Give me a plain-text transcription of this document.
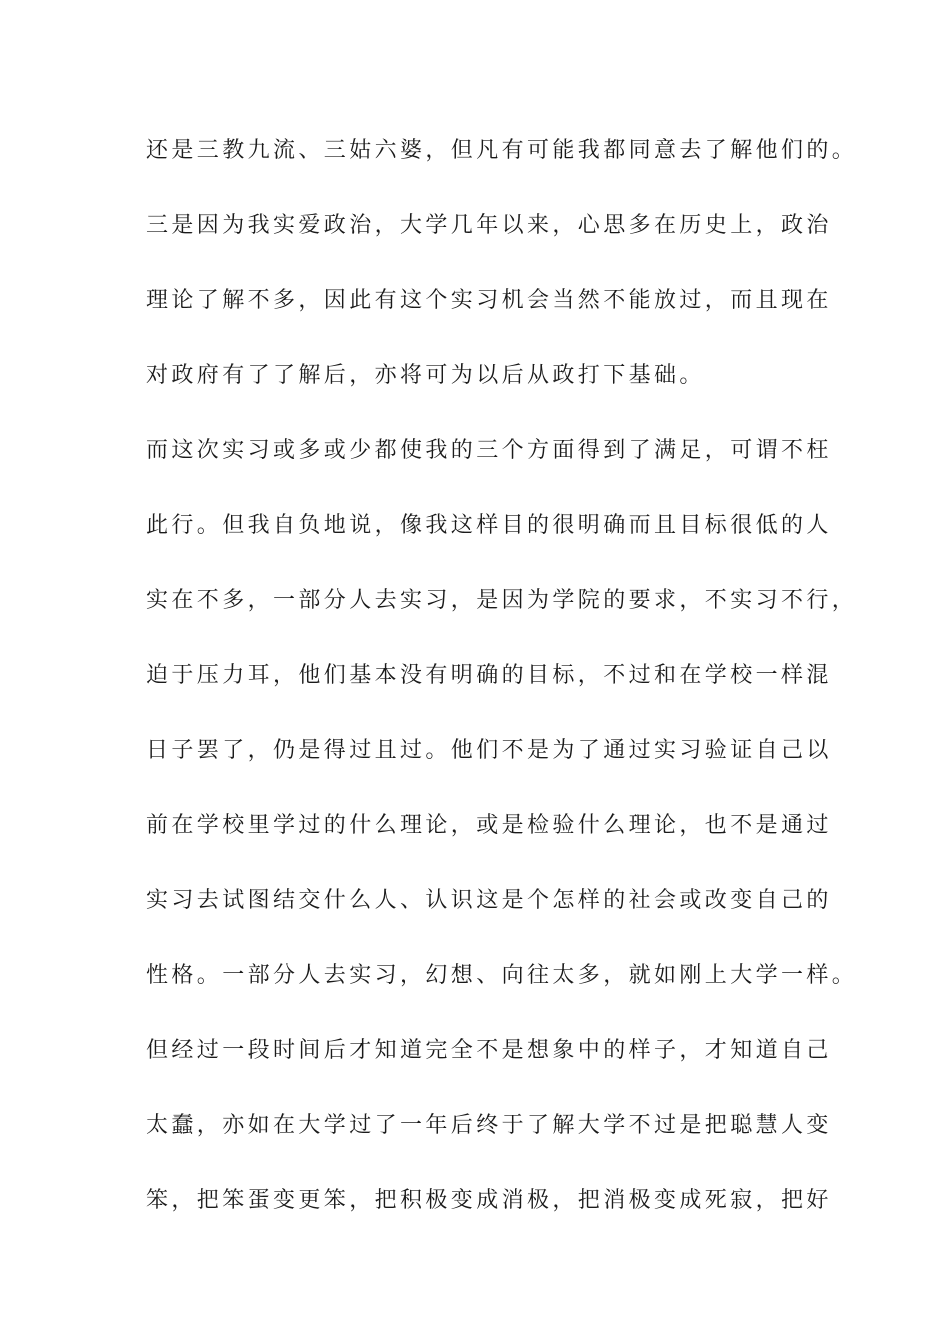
还是三教九流、三姑六婆，但凡有可能我都同意去了解他们的。
三是因为我实爱政治，大学几年以来，心思多在历史上，政治
理论了解不多，因此有这个实习机会当然不能放过，而且现在
对政府有了了解后，亦将可为以后从政打下基础。
而这次实习或多或少都使我的三个方面得到了满足，可谓不枉
此行。但我自负地说，像我这样目的很明确而且目标很低的人
实在不多，一部分人去实习，是因为学院的要求，不实习不行，
迫于压力耳，他们基本没有明确的目标，不过和在学校一样混
日子罢了，仍是得过且过。他们不是为了通过实习验证自己以
前在学校里学过的什么理论，或是检验什么理论，也不是通过
实习去试图结交什么人、认识这是个怎样的社会或改变自己的
性格。一部分人去实习，幻想、向往太多，就如刚上大学一样。
但经过一段时间后才知道完全不是想象中的样子，才知道自己
太蠢，亦如在大学过了一年后终于了解大学不过是把聪慧人变
笨，把笨蛋变更笨，把积极变成消极，把消极变成死寂，把好
